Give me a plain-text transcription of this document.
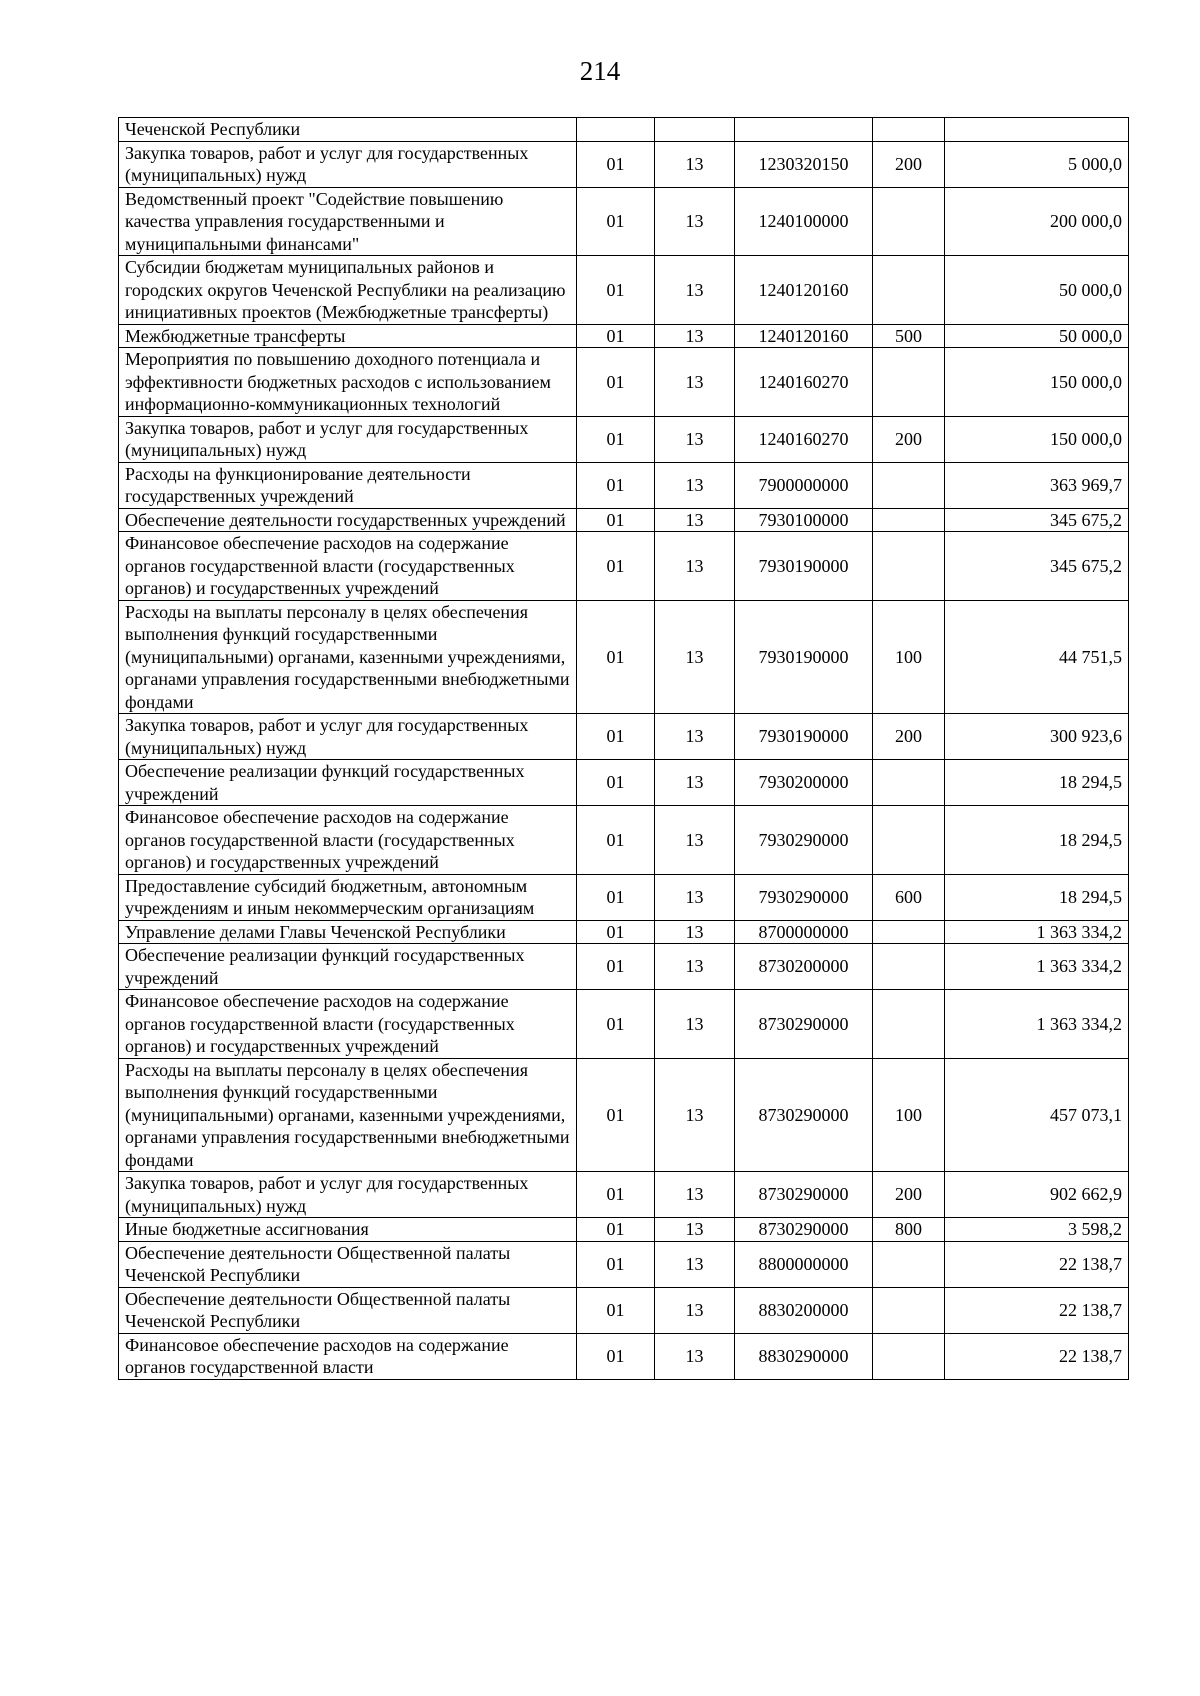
214
Чеченской Республики					
Закупка товаров, работ и услуг для государственных (муниципальных) нужд	01	13	1230320150	200	5 000,0
Ведомственный проект "Содействие повышению качества управления государственными и муниципальными финансами"	01	13	1240100000		200 000,0
Субсидии бюджетам муниципальных районов и городских округов Чеченской Республики на реализацию инициативных проектов (Межбюджетные трансферты)	01	13	1240120160		50 000,0
Межбюджетные трансферты	01	13	1240120160	500	50 000,0
Мероприятия по повышению доходного потенциала и эффективности бюджетных расходов с использованием информационно-коммуникационных технологий	01	13	1240160270		150 000,0
Закупка товаров, работ и услуг для государственных (муниципальных) нужд	01	13	1240160270	200	150 000,0
Расходы на функционирование деятельности государственных учреждений	01	13	7900000000		363 969,7
Обеспечение деятельности государственных учреждений	01	13	7930100000		345 675,2
Финансовое обеспечение расходов на содержание органов государственной власти (государственных органов) и государственных учреждений	01	13	7930190000		345 675,2
Расходы на выплаты персоналу в целях обеспечения выполнения функций государственными (муниципальными) органами, казенными учреждениями, органами управления государственными внебюджетными фондами	01	13	7930190000	100	44 751,5
Закупка товаров, работ и услуг для государственных (муниципальных) нужд	01	13	7930190000	200	300 923,6
Обеспечение реализации функций государственных учреждений	01	13	7930200000		18 294,5
Финансовое обеспечение расходов на содержание органов государственной власти (государственных органов) и государственных учреждений	01	13	7930290000		18 294,5
Предоставление субсидий бюджетным, автономным учреждениям и иным некоммерческим организациям	01	13	7930290000	600	18 294,5
Управление делами Главы Чеченской Республики	01	13	8700000000		1 363 334,2
Обеспечение реализации функций государственных учреждений	01	13	8730200000		1 363 334,2
Финансовое обеспечение расходов на содержание органов государственной власти (государственных органов) и государственных учреждений	01	13	8730290000		1 363 334,2
Расходы на выплаты персоналу в целях обеспечения выполнения функций государственными (муниципальными) органами, казенными учреждениями, органами управления государственными внебюджетными фондами	01	13	8730290000	100	457 073,1
Закупка товаров, работ и услуг для государственных (муниципальных) нужд	01	13	8730290000	200	902 662,9
Иные бюджетные ассигнования	01	13	8730290000	800	3 598,2
Обеспечение деятельности Общественной палаты Чеченской Республики	01	13	8800000000		22 138,7
Обеспечение деятельности Общественной палаты Чеченской Республики	01	13	8830200000		22 138,7
Финансовое обеспечение расходов на содержание органов государственной власти	01	13	8830290000		22 138,7
